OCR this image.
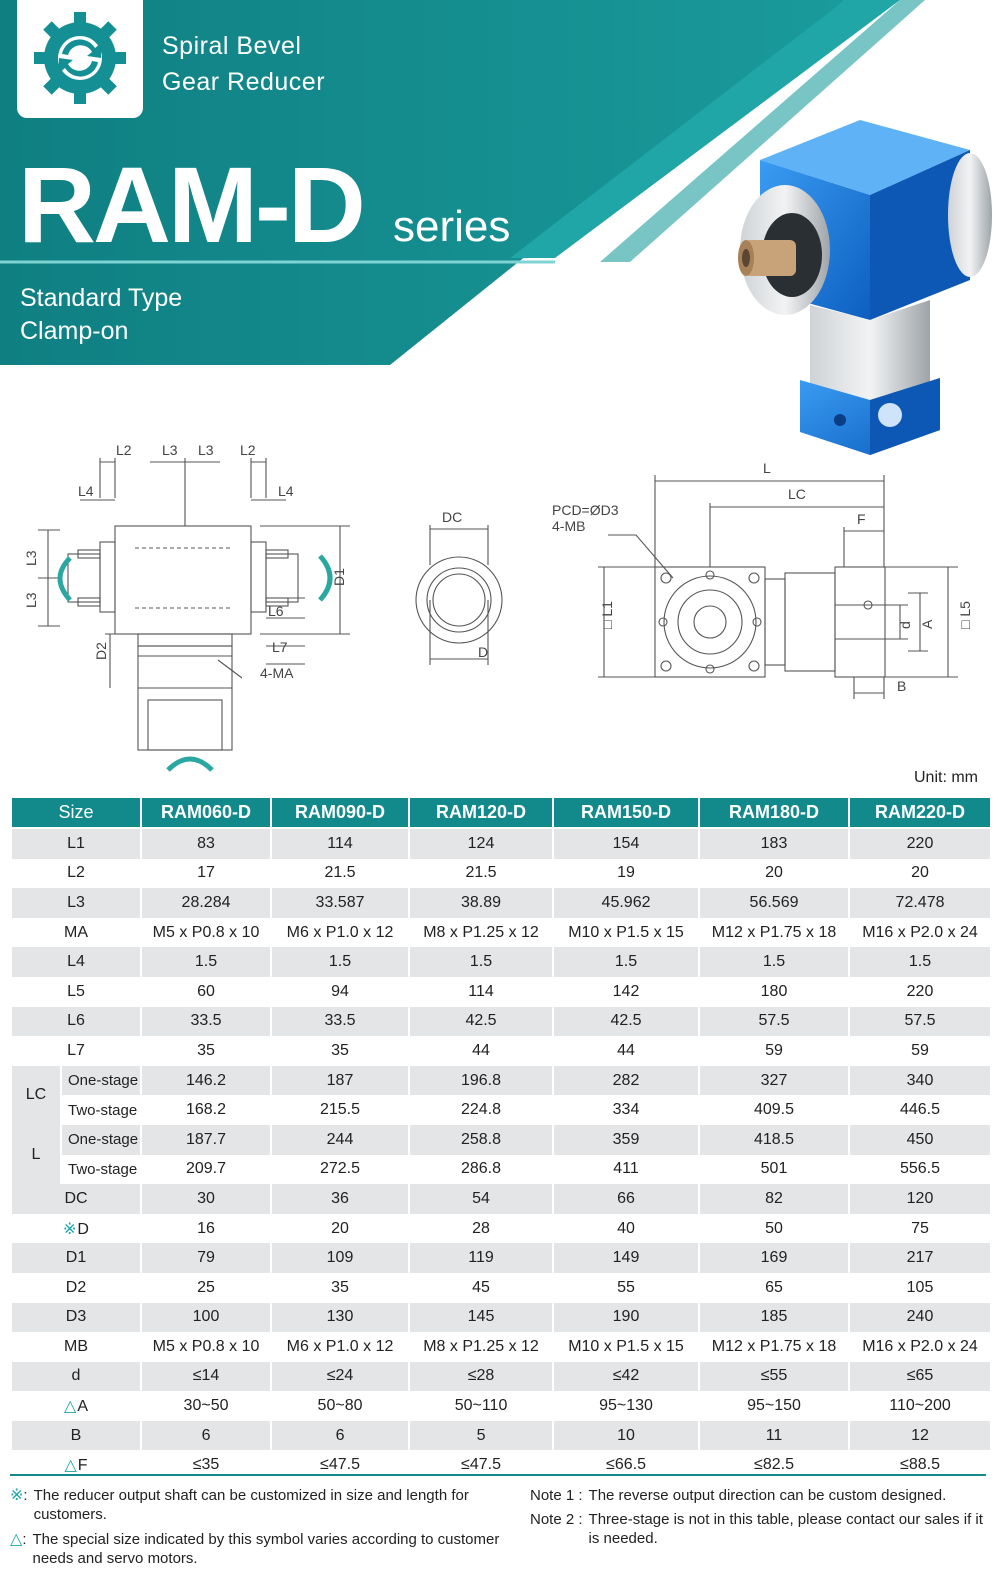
Spiral Bevel
Gear Reducer
RAM-D series
Standard Type
Clamp-on
L2 L3 L3 L2
L4	L4
L3
L3
D1
L6
L7
D2
4-MA
DC
D
L
LC
F
PCD=ØD3
4-MB
□ L1	d A □ L5
B
Unit: mm
Size		RAM060-D	RAM090-D	RAM120-D	RAM150-D	RAM180-D	RAM220-D
L1		83	114	124	154	183	220
L2		17	21.5	21.5	19	20	20
L3		28.284	33.587	38.89	45.962	56.569	72.478
MA		M5 x P0.8 x 10	M6 x P1.0 x 12	M8 x P1.25 x 12	M10 x P1.5 x 15	M12 x P1.75 x 18	M16 x P2.0 x 24
L4		1.5	1.5	1.5	1.5	1.5	1.5
L5		60	94	114	142	180	220
L6		33.5	33.5	42.5	42.5	57.5	57.5
L7		35	35	44	44	59	59
LC	One-stage	146.2	187	196.8	282	327	340
	Two-stage	168.2	215.5	224.8	334	409.5	446.5
L	One-stage	187.7	244	258.8	359	418.5	450
	Two-stage	209.7	272.5	286.8	411	501	556.5
DC		30	36	54	66	82	120
※D		16	20	28	40	50	75
D1		79	109	119	149	169	217
D2		25	35	45	55	65	105
D3		100	130	145	190	185	240
MB		M5 x P0.8 x 10	M6 x P1.0 x 12	M8 x P1.25 x 12	M10 x P1.5 x 15	M12 x P1.75 x 18	M16 x P2.0 x 24
d		≤14	≤24	≤28	≤42	≤55	≤65
△A		30~50	50~80	50~110	95~130	95~150	110~200
B		6	6	5	10	11	12
△F		≤35	≤47.5	≤47.5	≤66.5	≤82.5	≤88.5
※: The reducer output shaft can be customized in size and length for customers.
△: The special size indicated by this symbol varies according to customer needs and servo motors.
Note 1 : The reverse output direction can be custom designed.
Note 2 : Three-stage is not in this table, please contact our sales if it is needed.
